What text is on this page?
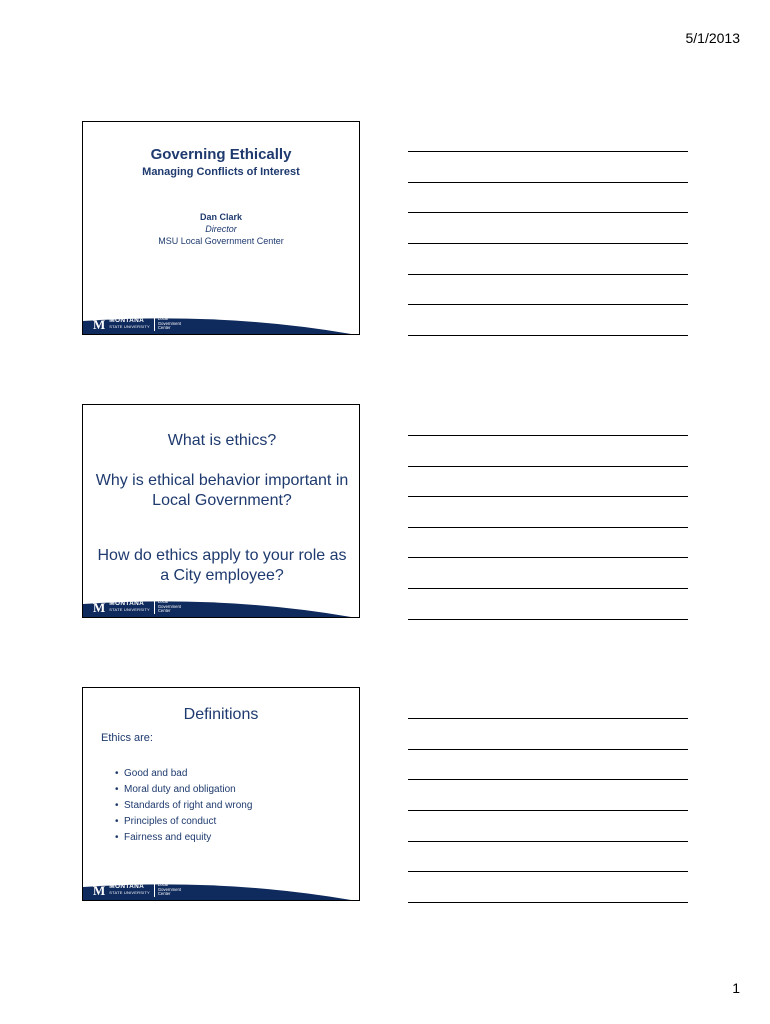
5/1/2013
Governing Ethically
Managing Conflicts of Interest
Dan Clark
Director
MSU Local Government Center
M MONTANA
STATE UNIVERSITY
Local
Government
Center
What is ethics?
Why is ethical behavior important in Local Government?
How do ethics apply to your role as a City employee?
M MONTANA
STATE UNIVERSITY
Local
Government
Center
Definitions
Ethics are:
• Good and bad
• Moral duty and obligation
• Standards of right and wrong
• Principles of conduct
• Fairness and equity
M MONTANA
STATE UNIVERSITY
Local
Government
Center
1
